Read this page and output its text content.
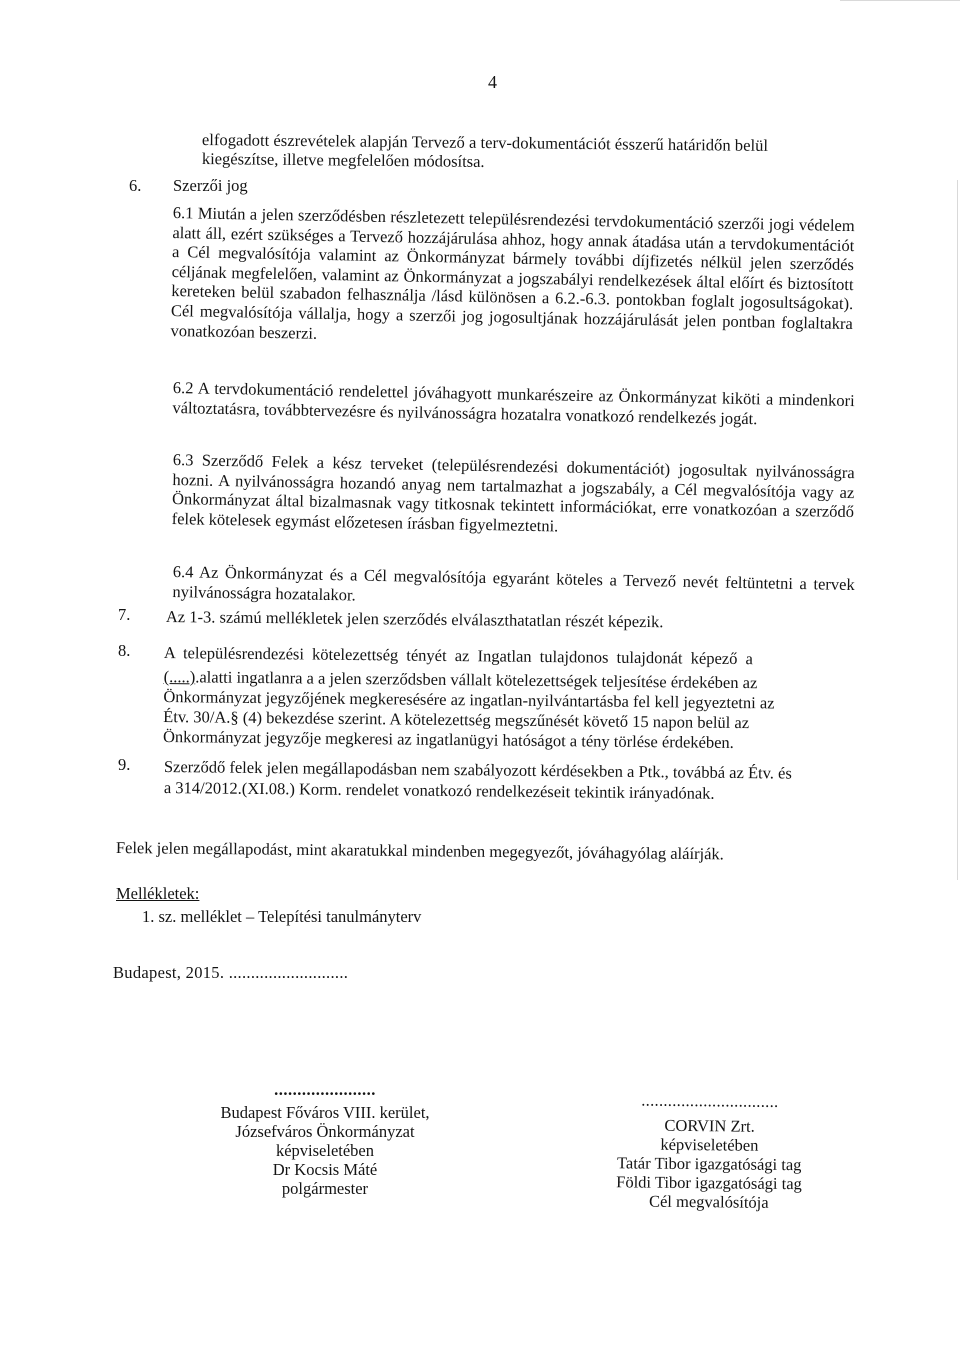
4
elfogadott észrevételek alapján Tervező a terv-dokumentációt ésszerű határidőn belül
kiegészítse, illetve megfelelően módosítsa.
6. Szerzői jog
6.1 Miután a jelen szerződésben részletezett településrendezési tervdokumentáció szerzői jogi védelem alatt áll, ezért szükséges a Tervező hozzájárulása ahhoz, hogy annak átadása után a tervdokumentációt a Cél megvalósítója valamint az Önkormányzat bármely további díjfizetés nélkül jelen szerződés céljának megfelelően, valamint az Önkormányzat a jogszabályi rendelkezések által előírt és biztosított kereteken belül szabadon felhasználja /lásd különösen a 6.2.-6.3. pontokban foglalt jogosultságokat). Cél megvalósítója vállalja, hogy a szerzői jog jogosultjának hozzájárulását jelen pontban foglaltakra vonatkozóan beszerzi.
6.2 A tervdokumentáció rendelettel jóváhagyott munkarészeire az Önkormányzat kiköti a mindenkori változtatásra, továbbtervezésre és nyilvánosságra hozatalra vonatkozó rendelkezés jogát.
6.3 Szerződő Felek a kész terveket (településrendezési dokumentációt) jogosultak nyilvánosságra hozni. A nyilvánosságra hozandó anyag nem tartalmazhat a jogszabály, a Cél megvalósítója vagy az Önkormányzat által bizalmasnak vagy titkosnak tekintett információkat, erre vonatkozóan a szerződő felek kötelesek egymást előzetesen írásban figyelmeztetni.
6.4 Az Önkormányzat és a Cél megvalósítója egyaránt köteles a Tervező nevét feltüntetni a tervek nyilvánosságra hozatalakor.
7. Az 1-3. számú mellékletek jelen szerződés elválaszthatatlan részét képezik.
8. A településrendezési kötelezettség tényét az Ingatlan tulajdonos tulajdonát képező a
(.....).alatti ingatlanra a a jelen szerződsben vállalt kötelezettségek teljesítése érdekében az
Önkormányzat jegyzőjének megkeresésére az ingatlan-nyilvántartásba fel kell jegyeztetni az
Étv. 30/A.§ (4) bekezdése szerint. A kötelezettség megszűnését követő 15 napon belül az
Önkormányzat jegyzője megkeresi az ingatlanügyi hatóságot a tény törlése érdekében.
9. Szerződő felek jelen megállapodásban nem szabályozott kérdésekben a Ptk., továbbá az Étv. és
a 314/2012.(XI.08.) Korm. rendelet vonatkozó rendelkezéseit tekintik irányadónak.
Felek jelen megállapodást, mint akaratukkal mindenben megegyezőt, jóváhagyólag aláírják.
Mellékletek:
1. sz. melléklet – Telepítési tanulmányterv
Budapest, 2015. ...........................
......................
Budapest Főváros VIII. kerület,
Józsefváros Önkormányzat
képviseletében
Dr Kocsis Máté
polgármester
...............................
CORVIN Zrt.
képviseletében
Tatár Tibor igazgatósági tag
Földi Tibor igazgatósági tag
Cél megvalósítója
